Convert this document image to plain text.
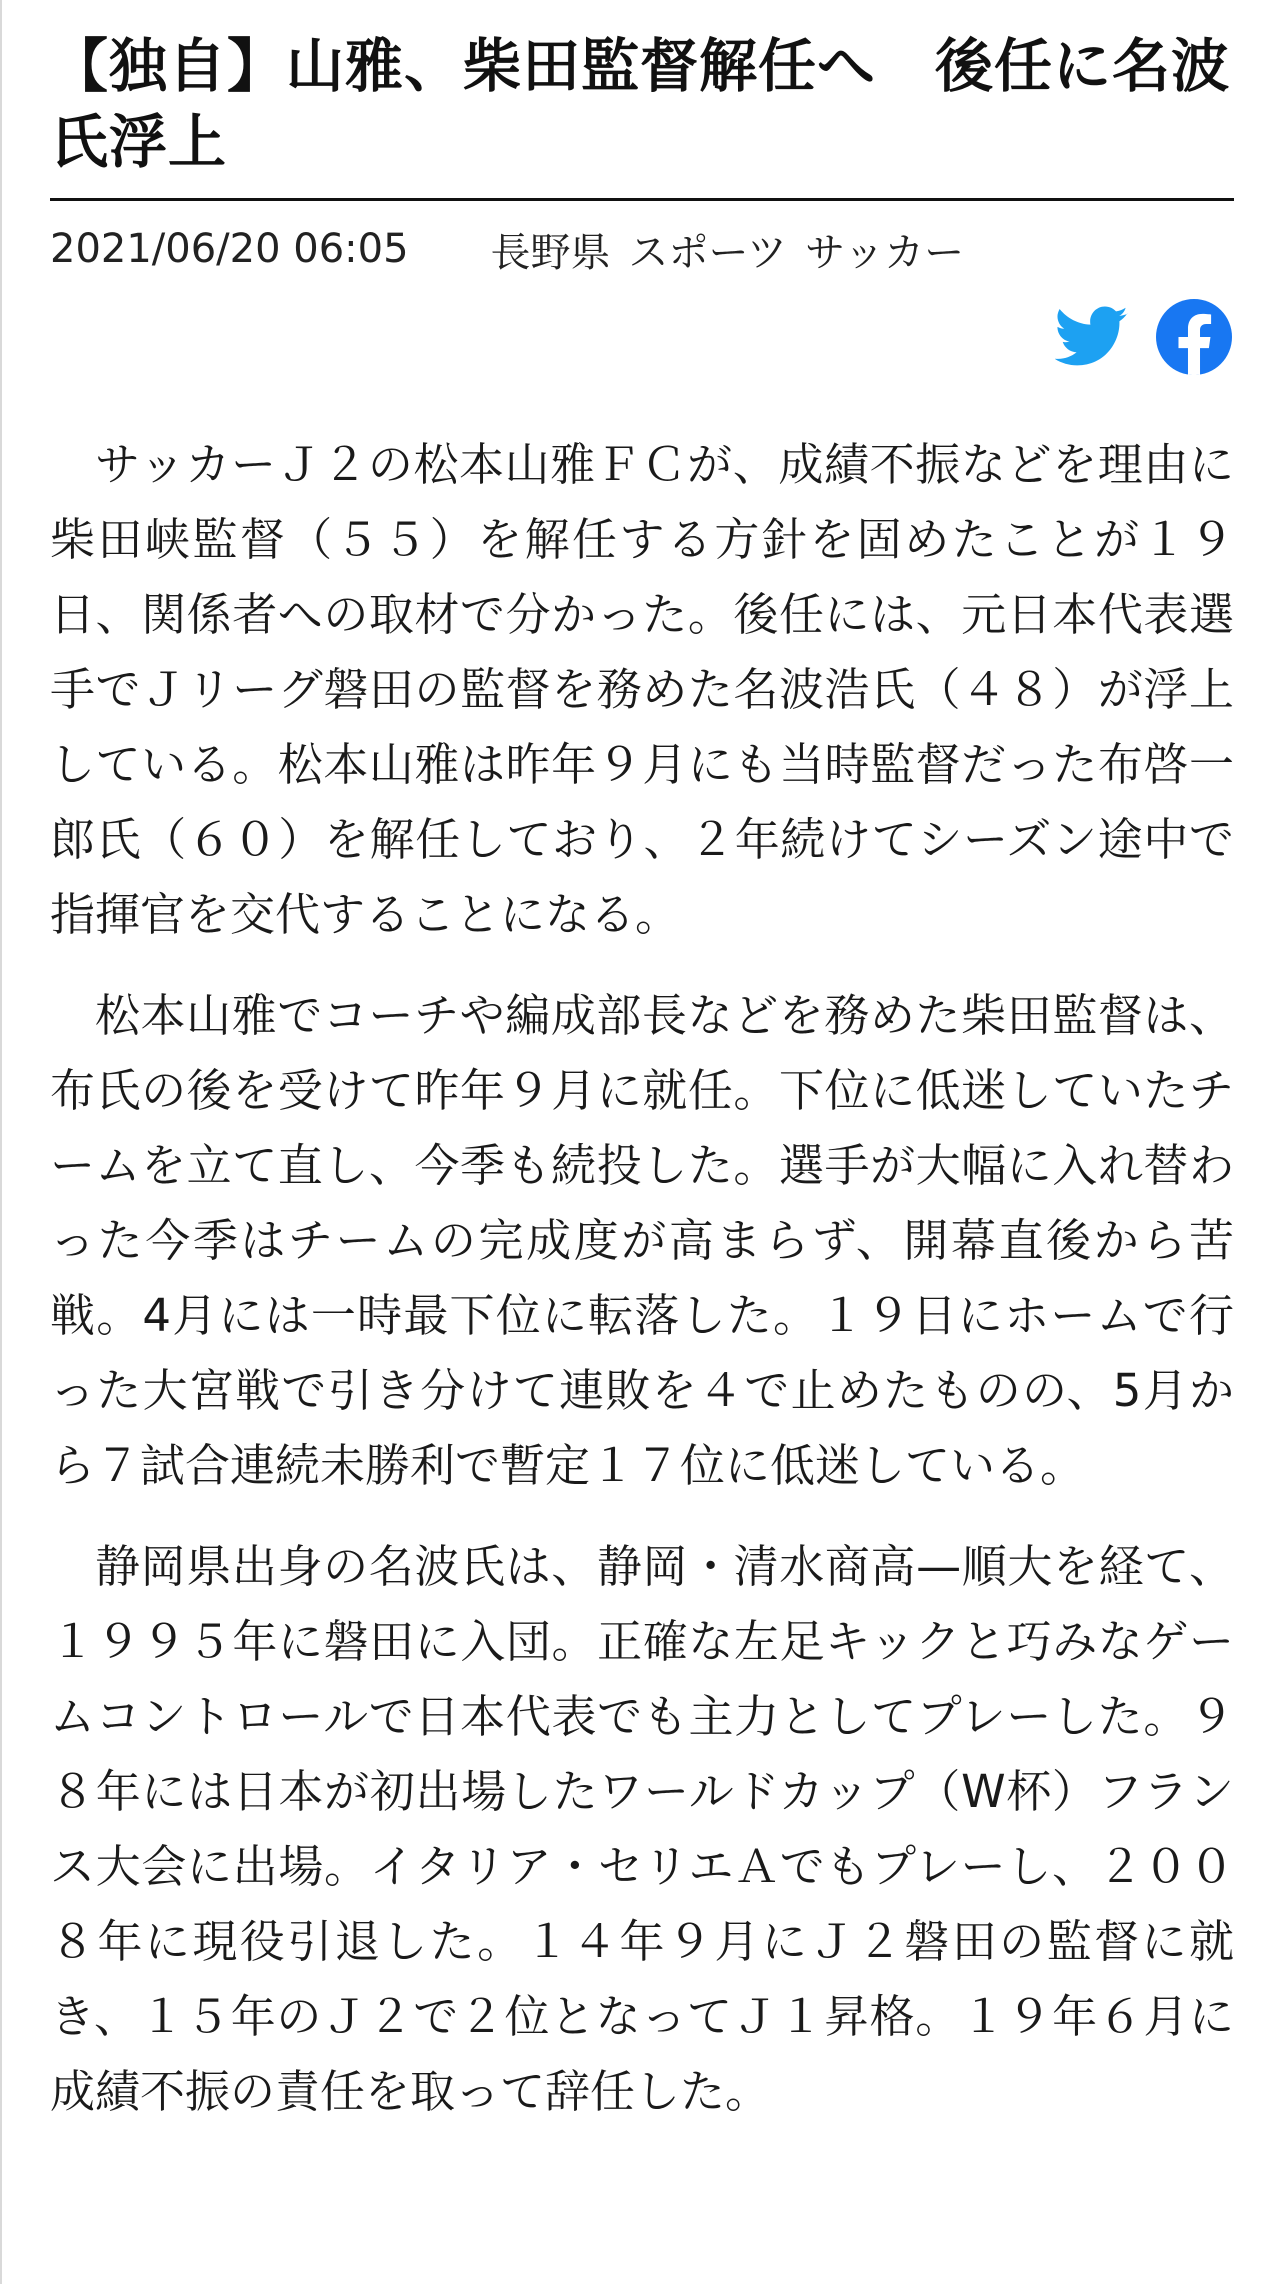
【独自】山雅、柴田監督解任へ　後任に名波氏浮上
2021/06/20 06:05 長野県 スポーツ サッカー

サッカーＪ２の松本山雅ＦＣが、成績不振などを理由に柴田峡監督（５５）を解任する方針を固めたことが１９日、関係者への取材で分かった。後任には、元日本代表選手でＪリーグ磐田の監督を務めた名波浩氏（４８）が浮上している。松本山雅は昨年９月にも当時監督だった布啓一郎氏（６０）を解任しており、２年続けてシーズン途中で指揮官を交代することになる。

松本山雅でコーチや編成部長などを務めた柴田監督は、布氏の後を受けて昨年９月に就任。下位に低迷していたチームを立て直し、今季も続投した。選手が大幅に入れ替わった今季はチームの完成度が高まらず、開幕直後から苦戦。4月には一時最下位に転落した。１９日にホームで行った大宮戦で引き分けて連敗を４で止めたものの、5月から７試合連続未勝利で暫定１７位に低迷している。

静岡県出身の名波氏は、静岡・清水商高—順大を経て、１９９５年に磐田に入団。正確な左足キックと巧みなゲームコントロールで日本代表でも主力としてプレーした。９８年には日本が初出場したワールドカップ（W杯）フランス大会に出場。イタリア・セリエＡでもプレーし、２００８年に現役引退した。１４年９月にＪ２磐田の監督に就き、１５年のＪ２で２位となってＪ１昇格。１９年６月に成績不振の責任を取って辞任した。
